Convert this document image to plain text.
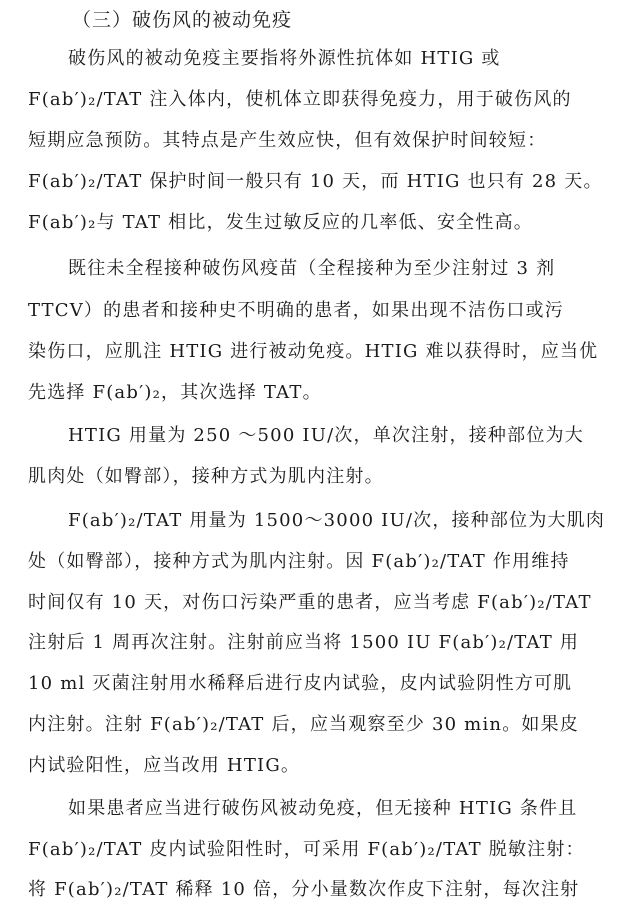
（三）破伤风的被动免疫
破伤风的被动免疫主要指将外源性抗体如 HTIG 或
F(ab′)₂/TAT 注入体内，使机体立即获得免疫力，用于破伤风的
短期应急预防。其特点是产生效应快，但有效保护时间较短：
F(ab′)₂/TAT 保护时间一般只有 10 天，而 HTIG 也只有 28 天。
F(ab′)₂与 TAT 相比，发生过敏反应的几率低、安全性高。
既往未全程接种破伤风疫苗（全程接种为至少注射过 3 剂
TTCV）的患者和接种史不明确的患者，如果出现不洁伤口或污
染伤口，应肌注 HTIG 进行被动免疫。HTIG 难以获得时，应当优
先选择 F(ab′)₂，其次选择 TAT。
HTIG 用量为 250 ～500 IU/次，单次注射，接种部位为大
肌肉处（如臀部），接种方式为肌内注射。
F(ab′)₂/TAT 用量为 1500～3000 IU/次，接种部位为大肌肉
处（如臀部），接种方式为肌内注射。因 F(ab′)₂/TAT 作用维持
时间仅有 10 天，对伤口污染严重的患者，应当考虑 F(ab′)₂/TAT
注射后 1 周再次注射。注射前应当将 1500 IU F(ab′)₂/TAT 用
10 ml 灭菌注射用水稀释后进行皮内试验，皮内试验阴性方可肌
内注射。注射 F(ab′)₂/TAT 后，应当观察至少 30 min。如果皮
内试验阳性，应当改用 HTIG。
如果患者应当进行破伤风被动免疫，但无接种 HTIG 条件且
F(ab′)₂/TAT 皮内试验阳性时，可采用 F(ab′)₂/TAT 脱敏注射：
将 F(ab′)₂/TAT 稀释 10 倍，分小量数次作皮下注射，每次注射
